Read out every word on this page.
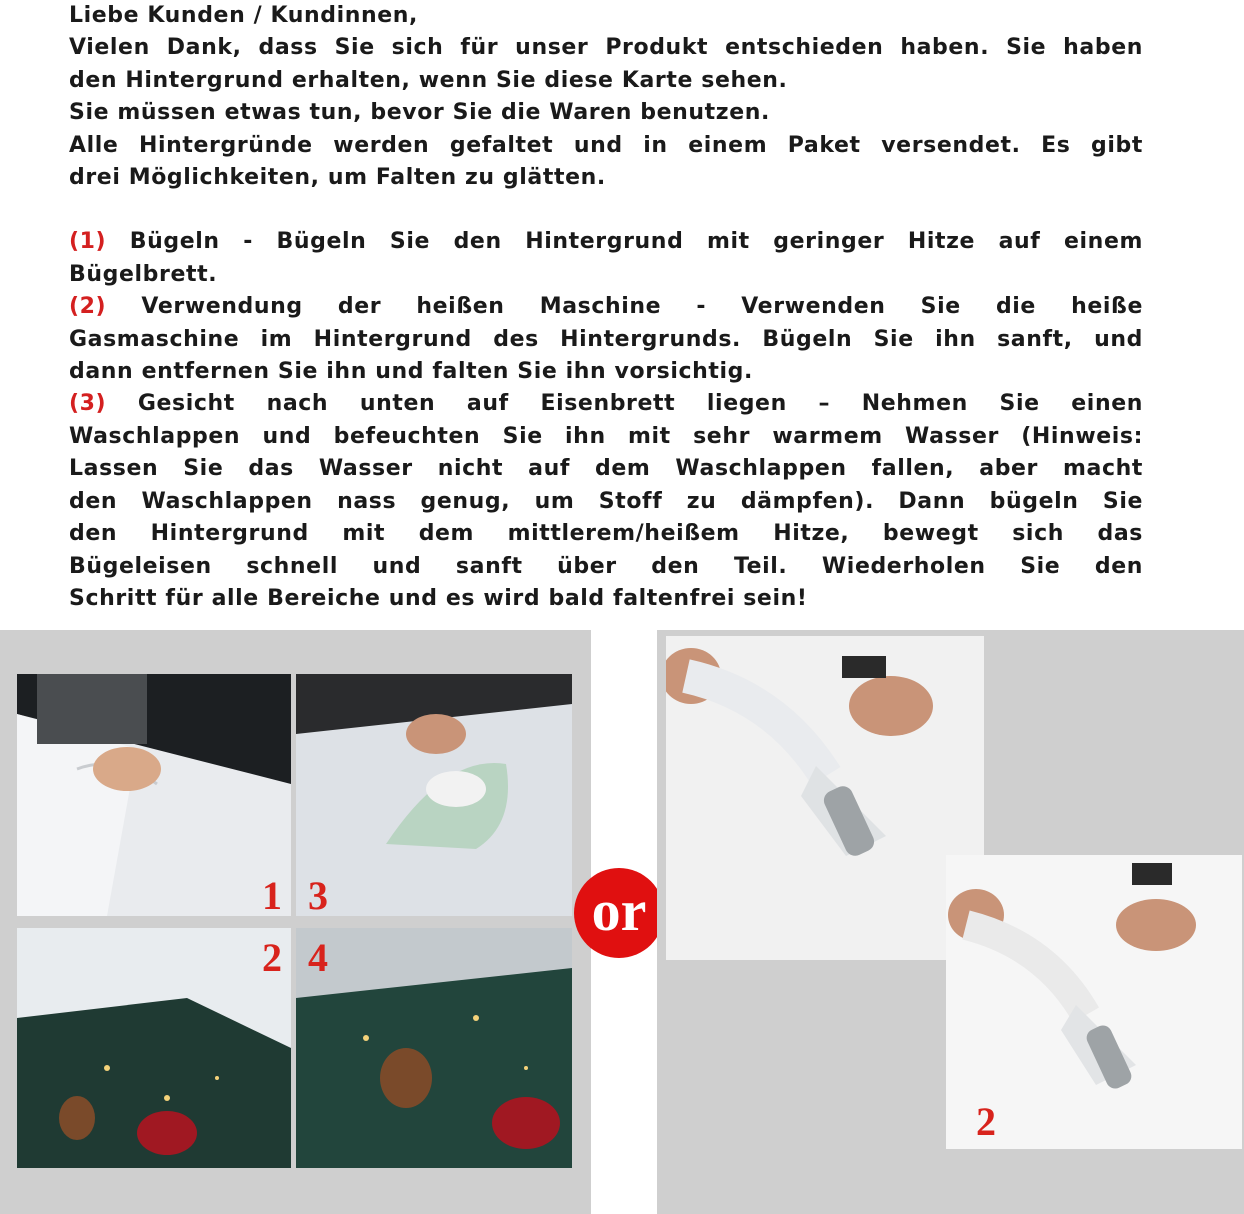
Liebe Kunden / Kundinnen,

Vielen Dank, dass Sie sich für unser Produkt entschieden haben. Sie haben

den Hintergrund erhalten, wenn Sie diese Karte sehen.

Sie müssen etwas tun, bevor Sie die Waren benutzen.

Alle Hintergründe werden gefaltet und in einem Paket versendet. Es gibt

drei Möglichkeiten, um Falten zu glätten.

(1) Bügeln - Bügeln Sie den Hintergrund mit geringer Hitze auf einem

Bügelbrett.

(2) Verwendung der heißen Maschine - Verwenden Sie die heiße

Gasmaschine im Hintergrund des Hintergrunds. Bügeln Sie ihn sanft, und

dann entfernen Sie ihn und falten Sie ihn vorsichtig.

(3) Gesicht nach unten auf Eisenbrett liegen – Nehmen Sie einen

Waschlappen und befeuchten Sie ihn mit sehr warmem Wasser (Hinweis:

Lassen Sie das Wasser nicht auf dem Waschlappen fallen, aber macht

den Waschlappen nass genug, um Stoff zu dämpfen). Dann bügeln Sie

den Hintergrund mit dem mittlerem/heißem Hitze, bewegt sich das

Bügeleisen schnell und sanft über den Teil. Wiederholen Sie den

Schritt für alle Bereiche und es wird bald faltenfrei sein!

1 3
2 4
or
2
